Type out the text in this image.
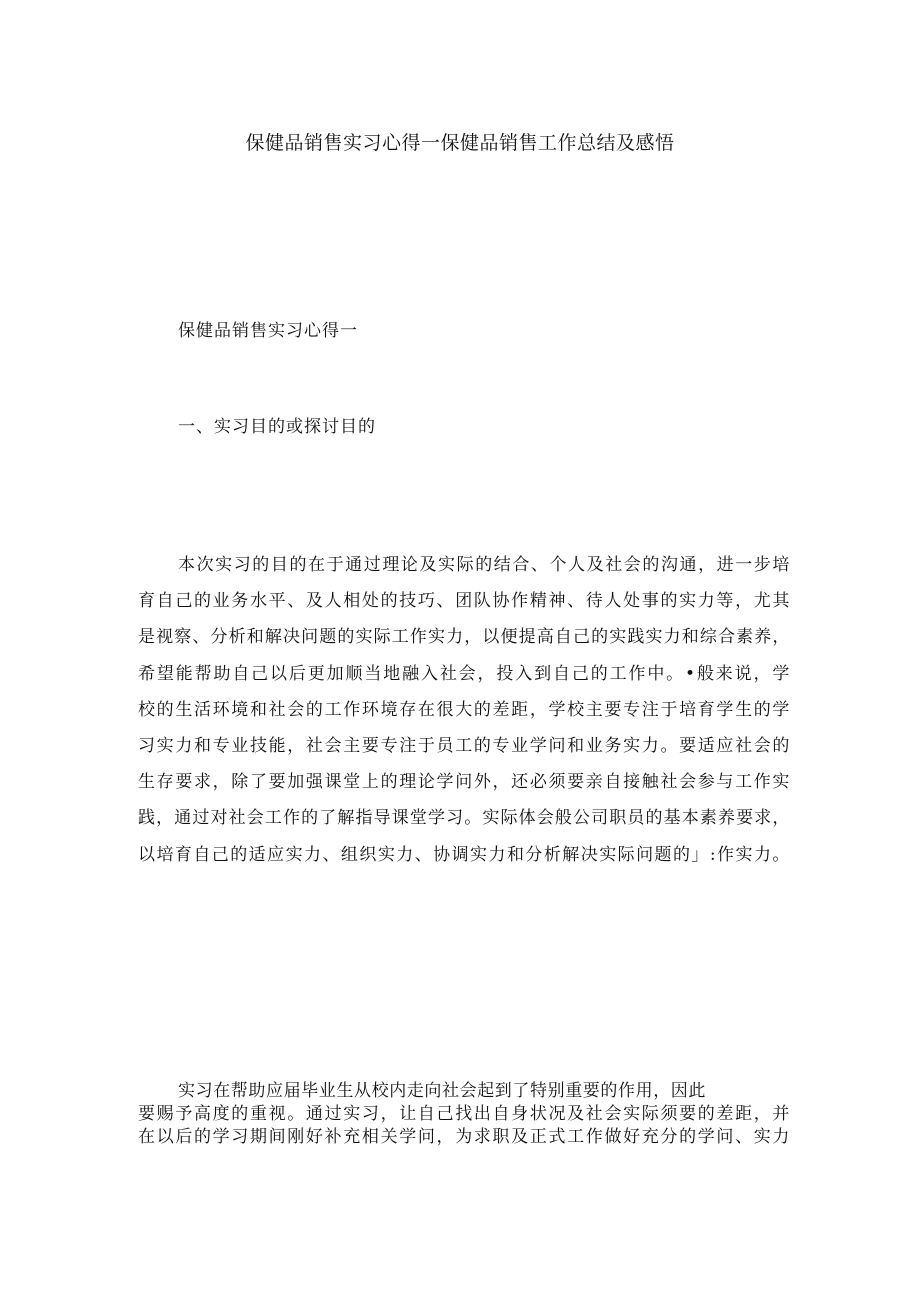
保健品销售实习心得一保健品销售工作总结及感悟
保健品销售实习心得一
一、实习目的或探讨目的
本次实习的目的在于通过理论及实际的结合、个人及社会的沟通，进一步培
育自己的业务水平、及人相处的技巧、团队协作精神、待人处事的实力等，尤其
是视察、分析和解决问题的实际工作实力，以便提高自己的实践实力和综合素养，
希望能帮助自己以后更加顺当地融入社会，投入到自己的工作中。•般来说，学
校的生活环境和社会的工作环境存在很大的差距，学校主要专注于培育学生的学
习实力和专业技能，社会主要专注于员工的专业学问和业务实力。要适应社会的
生存要求，除了要加强课堂上的理论学问外，还必须要亲自接触社会参与工作实
践，通过对社会工作的了解指导课堂学习。实际体会般公司职员的基本素养要求，
以培育自己的适应实力、组织实力、协调实力和分析解决实际问题的」:作实力。
实习在帮助应届毕业生从校内走向社会起到了特别重要的作用，因此
要赐予高度的重视。通过实习，让自己找出自身状况及社会实际须要的差距，并
在以后的学习期间刚好补充相关学问，为求职及正式工作做好充分的学问、实力
